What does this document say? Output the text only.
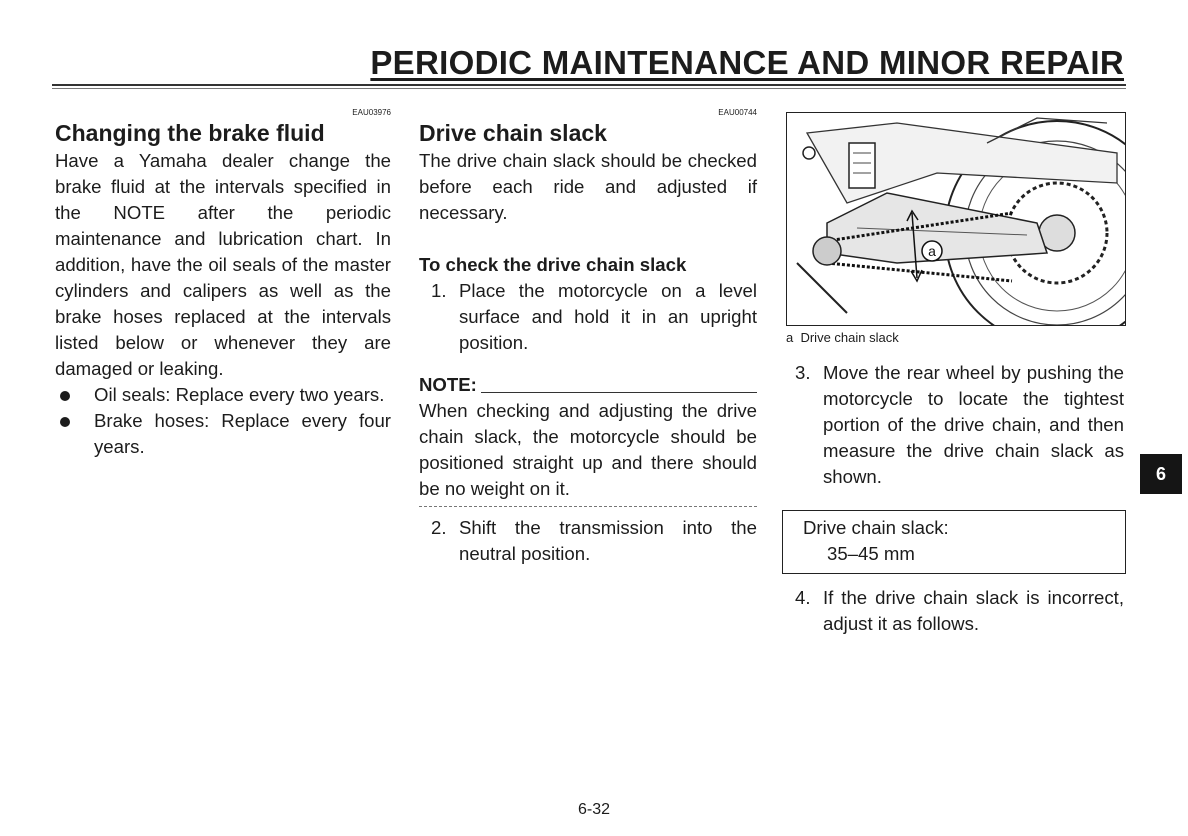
PERIODIC MAINTENANCE AND MINOR REPAIR
EAU03976
Changing the brake fluid

Have a Yamaha dealer change the brake fluid at the intervals specified in the NOTE after the periodic maintenance and lubrication chart. In addition, have the oil seals of the master cylinders and calipers as well as the brake hoses replaced at the intervals listed below or whenever they are damaged or leaking.

Oil seals: Replace every two years.
Brake hoses: Replace every four years.
EAU00744
Drive chain slack

The drive chain slack should be checked before each ride and adjusted if necessary.

To check the drive chain slack

1. Place the motorcycle on a level surface and hold it in an upright position.
NOTE:

When checking and adjusting the drive chain slack, the motorcycle should be positioned straight up and there should be no weight on it.

2. Shift the transmission into the neutral position.
a
a Drive chain slack
3. Move the rear wheel by pushing the motorcycle to locate the tightest portion of the drive chain, and then measure the drive chain slack as shown.
Drive chain slack:
35–45 mm
4. If the drive chain slack is incorrect, adjust it as follows.
6
6-32
